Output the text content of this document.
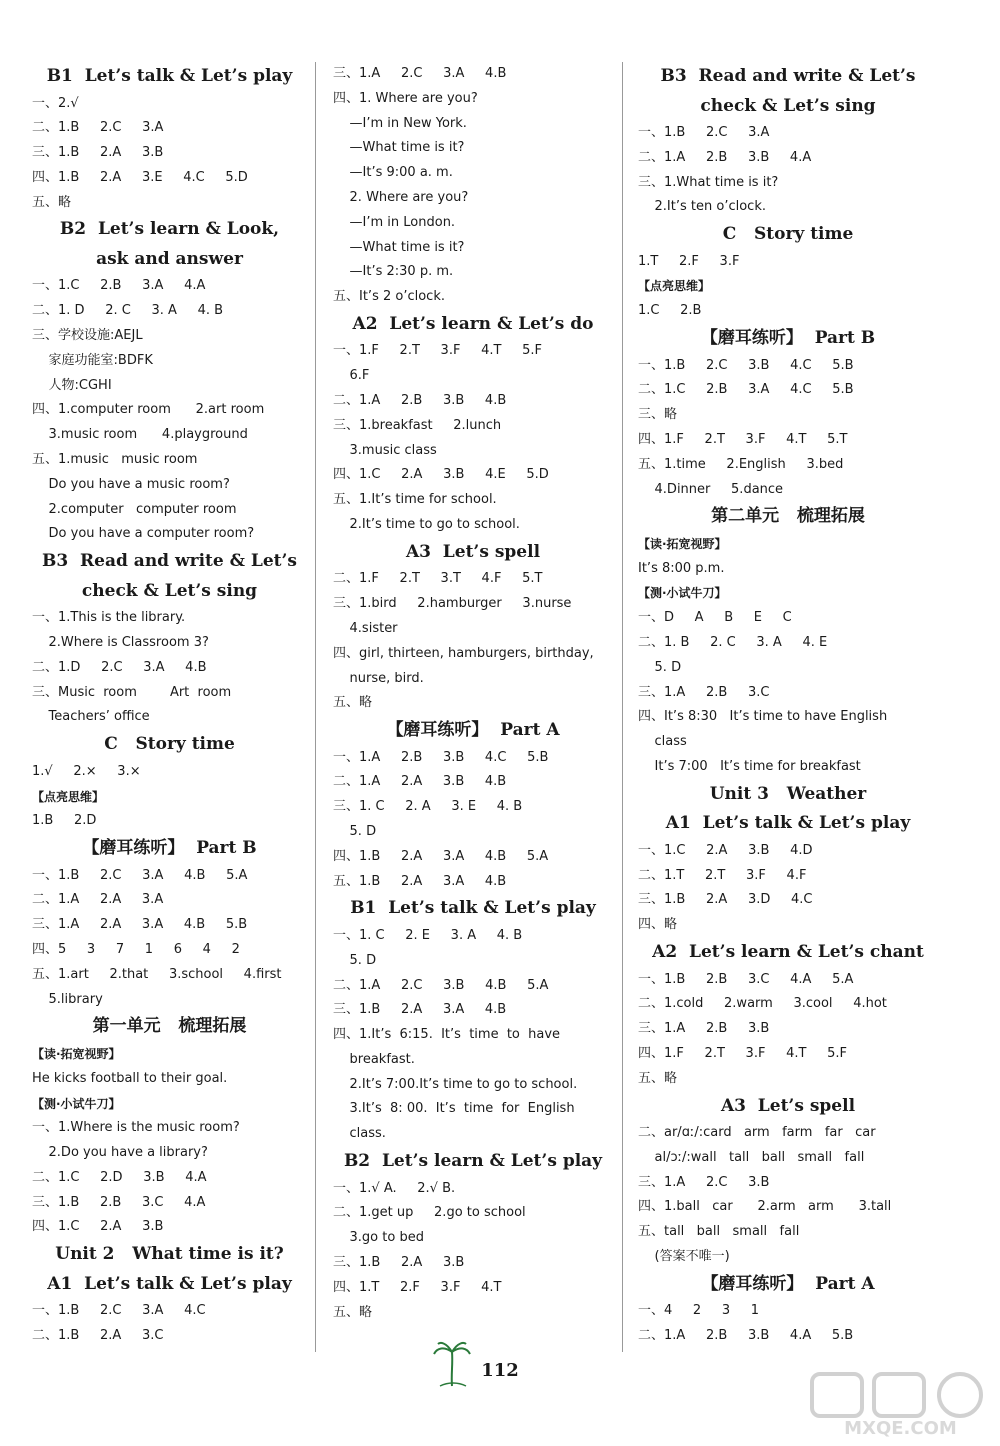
B1  Let’s talk & Let’s play
一、2.√
二、1.B     2.C     3.A
三、1.B     2.A     3.B
四、1.B     2.A     3.E     4.C     5.D
五、略
B2  Let’s learn & Look,
ask and answer
一、1.C     2.B     3.A     4.A
二、1. D     2. C     3. A     4. B
三、学校设施:AEJL
家庭功能室:BDFK
人物:CGHI
四、1.computer room      2.art room
3.music room      4.playground
五、1.music   music room
Do you have a music room?
2.computer   computer room
Do you have a computer room?
B3  Read and write & Let’s
check & Let’s sing
一、1.This is the library.
2.Where is Classroom 3?
二、1.D     2.C     3.A     4.B
三、Music  room        Art  room
Teachers’ office
C   Story time
1.√     2.×     3.×
【点亮思维】
1.B     2.D
【磨耳练听】  Part B
一、1.B     2.C     3.A     4.B     5.A
二、1.A     2.A     3.A
三、1.A     2.A     3.A     4.B     5.B
四、5     3     7     1     6     4     2
五、1.art     2.that     3.school     4.first
5.library
第一单元   梳理拓展
【读·拓宽视野】
He kicks football to their goal.
【测·小试牛刀】
一、1.Where is the music room?
2.Do you have a library?
二、1.C     2.D     3.B     4.A
三、1.B     2.B     3.C     4.A
四、1.C     2.A     3.B
Unit 2   What time is it?
A1  Let’s talk & Let’s play
一、1.B     2.C     3.A     4.C
二、1.B     2.A     3.C
三、1.A     2.C     3.A     4.B
四、1. Where are you?
—I’m in New York.
—What time is it?
—It’s 9:00 a. m.
2. Where are you?
—I’m in London.
—What time is it?
—It’s 2:30 p. m.
五、It’s 2 o’clock.
A2  Let’s learn & Let’s do
一、1.F     2.T     3.F     4.T     5.F
6.F
二、1.A     2.B     3.B     4.B
三、1.breakfast     2.lunch
3.music class
四、1.C     2.A     3.B     4.E     5.D
五、1.It’s time for school.
2.It’s time to go to school.
A3  Let’s spell
二、1.F     2.T     3.T     4.F     5.T
三、1.bird     2.hamburger     3.nurse
4.sister
四、girl, thirteen, hamburgers, birthday,
nurse, bird.
五、略
【磨耳练听】  Part A
一、1.A     2.B     3.B     4.C     5.B
二、1.A     2.A     3.B     4.B
三、1. C     2. A     3. E     4. B
5. D
四、1.B     2.A     3.A     4.B     5.A
五、1.B     2.A     3.A     4.B
B1  Let’s talk & Let’s play
一、1. C     2. E     3. A     4. B
5. D
二、1.A     2.C     3.B     4.B     5.A
三、1.B     2.A     3.A     4.B
四、1.It’s  6:15.  It’s  time  to  have
breakfast.
2.It’s 7:00.It’s time to go to school.
3.It’s  8: 00.  It’s  time  for  English
class.
B2  Let’s learn & Let’s play
一、1.√ A.     2.√ B.
二、1.get up     2.go to school
3.go to bed
三、1.B     2.A     3.B
四、1.T     2.F     3.F     4.T
五、略
B3  Read and write & Let’s
check & Let’s sing
一、1.B     2.C     3.A
二、1.A     2.B     3.B     4.A
三、1.What time is it?
2.It’s ten o’clock.
C   Story time
1.T     2.F     3.F
【点亮思维】
1.C     2.B
【磨耳练听】  Part B
一、1.B     2.C     3.B     4.C     5.B
二、1.C     2.B     3.A     4.C     5.B
三、略
四、1.F     2.T     3.F     4.T     5.T
五、1.time     2.English     3.bed
4.Dinner     5.dance
第二单元   梳理拓展
【读·拓宽视野】
It’s 8:00 p.m.
【测·小试牛刀】
一、D     A     B     E     C
二、1. B     2. C     3. A     4. E
5. D
三、1.A     2.B     3.C
四、It’s 8:30   It’s time to have English
class
It’s 7:00   It’s time for breakfast
Unit 3   Weather
A1  Let’s talk & Let’s play
一、1.C     2.A     3.B     4.D
二、1.T     2.T     3.F     4.F
三、1.B     2.A     3.D     4.C
四、略
A2  Let’s learn & Let’s chant
一、1.B     2.B     3.C     4.A     5.A
二、1.cold     2.warm     3.cool     4.hot
三、1.A     2.B     3.B
四、1.F     2.T     3.F     4.T     5.F
五、略
A3  Let’s spell
二、ar/ɑː/:card   arm   farm   far   car
al/ɔː/:wall   tall   ball   small   fall
三、1.A     2.C     3.B
四、1.ball   car      2.arm   arm      3.tall
五、tall   ball   small   fall
(答案不唯一)
【磨耳练听】  Part A
一、4     2     3     1
二、1.A     2.B     3.B     4.A     5.B
112
MXQE.COM
